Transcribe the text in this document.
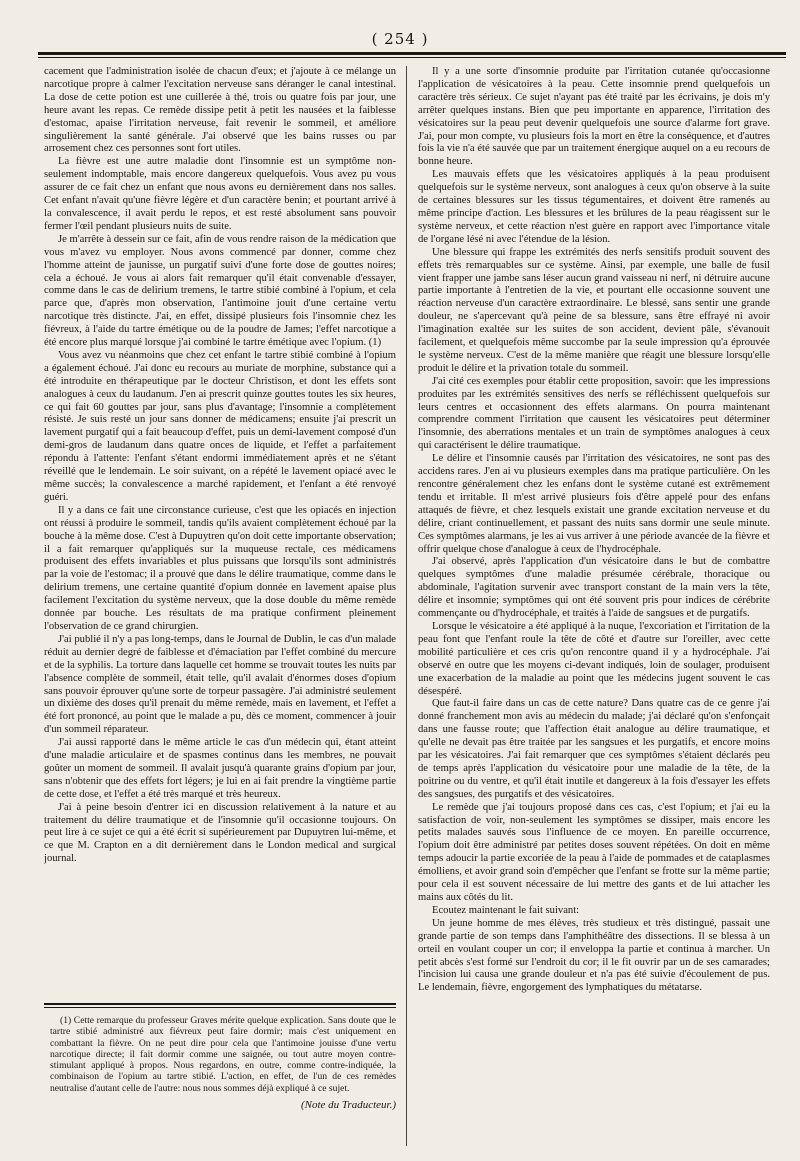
( 254 )

cacement que l'administration isolée de chacun d'eux; et j'ajoute à ce mélange un narcotique propre à calmer l'excitation nerveuse sans déranger le canal intestinal. La dose de cette potion est une cuillerée à thé, trois ou quatre fois par jour, une heure avant les repas. Ce remède dissipe petit à petit les nausées et la faiblesse d'estomac, apaise l'irritation nerveuse, fait revenir le sommeil, et améliore singulièrement la santé générale. J'ai observé que les bains russes ou par arrosement chez ces personnes sont fort utiles.

La fièvre est une autre maladie dont l'insomnie est un symptôme non-seulement indomptable, mais encore dangereux quelquefois. Vous avez pu vous assurer de ce fait chez un enfant que nous avons eu dernièrement dans nos salles. Cet enfant n'avait qu'une fièvre légère et d'un caractère benin; et pourtant arrivé à la convalescence, il avait perdu le repos, et est resté absolument sans pouvoir fermer l'œil pendant plusieurs nuits de suite.

Je m'arrête à dessein sur ce fait, afin de vous rendre raison de la médication que vous m'avez vu employer. Nous avons commencé par donner, comme chez l'homme atteint de jaunisse, un purgatif suivi d'une forte dose de gouttes noires; cela a échoué. Je vous ai alors fait remarquer qu'il était convenable d'essayer, comme dans le cas de delirium tremens, le tartre stibié combiné à l'opium, et cela parce que, d'après mon observation, l'antimoine jouit d'une certaine vertu narcotique très distincte. J'ai, en effet, dissipé plusieurs fois l'insomnie chez les fiévreux, à l'aide du tartre émétique ou de la poudre de James; l'effet narcotique a été encore plus marqué lorsque j'ai combiné le tartre émétique avec l'opium. (1)

Vous avez vu néanmoins que chez cet enfant le tartre stibié combiné à l'opium a également échoué. J'ai donc eu recours au muriate de morphine, substance qui a été introduite en thérapeutique par le docteur Christison, et dont les effets sont analogues à ceux du laudanum. J'en ai prescrit quinze gouttes toutes les six heures, ce qui fait 60 gouttes par jour, sans plus d'avantage; l'insomnie a complètement résisté. Je suis resté un jour sans donner de médicamens; ensuite j'ai prescrit un lavement purgatif qui a fait beaucoup d'effet, puis un demi-lavement composé d'un demi-gros de laudanum dans quatre onces de liquide, et l'effet a parfaitement répondu à l'attente: l'enfant s'étant endormi immédiatement après et ne s'étant réveillé que le lendemain. Le soir suivant, on a répété le lavement opiacé avec le même succès; la convalescence a marché rapidement, et l'enfant a été renvoyé guéri.

Il y a dans ce fait une circonstance curieuse, c'est que les opiacés en injection ont réussi à produire le sommeil, tandis qu'ils avaient complètement échoué par la bouche à la même dose. C'est à Dupuytren qu'on doit cette importante observation; il a fait remarquer qu'appliqués sur la muqueuse rectale, ces médicamens produisent des effets invariables et plus puissans que lorsqu'ils sont administrés par la voie de l'estomac; il a prouvé que dans le délire traumatique, comme dans le delirium tremens, une certaine quantité d'opium donnée en lavement apaise plus facilement l'excitation du système nerveux, que la dose double du même remède donnée par bouche. Les résultats de ma pratique confirment pleinement l'observation de ce grand chirurgien.

J'ai publié il n'y a pas long-temps, dans le Journal de Dublin, le cas d'un malade réduit au dernier degré de faiblesse et d'émaciation par l'effet combiné du mercure et de la syphilis. La torture dans laquelle cet homme se trouvait toutes les nuits par l'absence complète de sommeil, était telle, qu'il avalait d'énormes doses d'opium sans pouvoir éprouver qu'une sorte de torpeur passagère. J'ai administré seulement un dixième des doses qu'il prenait du même remède, mais en lavement, et l'effet a été fort prononcé, au point que le malade a pu, dès ce moment, commencer à jouir d'un sommeil réparateur.

J'ai aussi rapporté dans le même article le cas d'un médecin qui, étant atteint d'une maladie articulaire et de spasmes continus dans les membres, ne pouvait goûter un moment de sommeil. Il avalait jusqu'à quarante grains d'opium par jour, sans n'obtenir que des effets fort légers; je lui en ai fait prendre la vingtième partie de cette dose, et l'effet a été très marqué et très heureux.

J'ai à peine besoin d'entrer ici en discussion relativement à la nature et au traitement du délire traumatique et de l'insomnie qu'il occasionne toujours. On peut lire à ce sujet ce qui a été écrit si supérieurement par Dupuytren lui-même, et ce que M. Crapton en a dit dernièrement dans le London medical and surgical journal.

Il y a une sorte d'insomnie produite par l'irritation cutanée qu'occasionne l'application de vésicatoires à la peau. Cette insomnie prend quelquefois un caractère très sérieux. Ce sujet n'ayant pas été traité par les écrivains, je dois m'y arrêter quelques instans. Bien que peu importante en apparence, l'irritation des vésicatoires sur la peau peut devenir quelquefois une source d'alarme fort grave. J'ai, pour mon compte, vu plusieurs fois la mort en être la conséquence, et d'autres fois la vie n'a été sauvée que par un traitement énergique auquel on a eu recours de bonne heure.

Les mauvais effets que les vésicatoires appliqués à la peau produisent quelquefois sur le système nerveux, sont analogues à ceux qu'on observe à la suite de certaines blessures sur les tissus tégumentaires, et doivent être ramenés au même principe d'action. Les blessures et les brûlures de la peau réagissent sur le système nerveux, et cette réaction n'est guère en rapport avec l'importance vitale de l'organe lésé ni avec l'étendue de la lésion.

Une blessure qui frappe les extrémités des nerfs sensitifs produit souvent des effets très remarquables sur ce système. Ainsi, par exemple, une balle de fusil vient frapper une jambe sans léser aucun grand vaisseau ni nerf, ni détruire aucune partie importante à l'entretien de la vie, et pourtant elle occasionne souvent une réaction nerveuse d'un caractère extraordinaire. Le blessé, sans sentir une grande douleur, ne s'apercevant qu'à peine de sa blessure, sans être effrayé ni avoir l'imagination exaltée sur les suites de son accident, devient pâle, s'évanouit facilement, et quelquefois même succombe par la seule impression qu'a éprouvée le système nerveux. C'est de la même manière que réagit une blessure lorsqu'elle produit le délire et la privation totale du sommeil.

J'ai cité ces exemples pour établir cette proposition, savoir: que les impressions produites par les extrémités sensitives des nerfs se réfléchissent quelquefois sur leurs centres et occasionnent des effets alarmans. On pourra maintenant comprendre comment l'irritation que causent les vésicatoires peut déterminer l'insomnie, des aberrations mentales et un train de symptômes analogues à ceux qui caractérisent le délire traumatique.

Le délire et l'insomnie causés par l'irritation des vésicatoires, ne sont pas des accidens rares. J'en ai vu plusieurs exemples dans ma pratique particulière. On les rencontre généralement chez les enfans dont le système cutané est extrêmement tendu et irritable. Il m'est arrivé plusieurs fois d'être appelé pour des enfans attaqués de fièvre, et chez lesquels existait une grande excitation nerveuse et du délire, criant continuellement, et passant des nuits sans dormir une seule minute. Ces symptômes alarmans, je les ai vus arriver à une période avancée de la fièvre et offrir quelque chose d'analogue à ceux de l'hydrocéphale.

J'ai observé, après l'application d'un vésicatoire dans le but de combattre quelques symptômes d'une maladie présumée cérébrale, thoracique ou abdominale, l'agitation survenir avec transport constant de la main vers la tête, délire et insomnie; symptômes qui ont été souvent pris pour indices de cérébrite commençante ou d'hydrocéphale, et traités à l'aide de sangsues et de purgatifs.

Lorsque le vésicatoire a été appliqué à la nuque, l'excoriation et l'irritation de la peau font que l'enfant roule la tête de côté et d'autre sur l'oreiller, avec cette mobilité particulière et ces cris qu'on rencontre quand il y a hydrocéphale. J'ai observé en outre que les moyens ci-devant indiqués, loin de soulager, produisent une exacerbation de la maladie au point que les médecins jugent souvent le cas désespéré.

Que faut-il faire dans un cas de cette nature? Dans quatre cas de ce genre j'ai donné franchement mon avis au médecin du malade; j'ai déclaré qu'on s'enfonçait dans une fausse route; que l'affection était analogue au délire traumatique, et qu'elle ne devait pas être traitée par les sangsues et les purgatifs, et encore moins par les vésicatoires. J'ai fait remarquer que ces symptômes s'étaient déclarés peu de temps après l'application du vésicatoire pour une maladie de la tête, de la poitrine ou du ventre, et qu'il était inutile et dangereux à la fois d'essayer les effets des sangsues, des purgatifs et des vésicatoires.

Le remède que j'ai toujours proposé dans ces cas, c'est l'opium; et j'ai eu la satisfaction de voir, non-seulement les symptômes se dissiper, mais encore les petits malades sauvés sous l'influence de ce moyen. En pareille occurrence, l'opium doit être administré par petites doses souvent répétées. On doit en même temps adoucir la partie excoriée de la peau à l'aide de pommades et de cataplasmes émolliens, et avoir grand soin d'empêcher que l'enfant se frotte sur la même partie; pour cela il est souvent nécessaire de lui mettre des gants et de lui attacher les mains aux côtés du lit.

Ecoutez maintenant le fait suivant:

Un jeune homme de mes élèves, très studieux et très distingué, passait une grande partie de son temps dans l'amphithéâtre des dissections. Il se blessa à un orteil en voulant couper un cor; il enveloppa la partie et continua à marcher. Un petit abcès s'est formé sur l'endroit du cor; il le fit ouvrir par un de ses camarades; l'incision lui causa une grande douleur et n'a pas été suivie d'écoulement de pus. Le lendemain, fièvre, engorgement des lymphatiques du métatarse.

(1) Cette remarque du professeur Graves mérite quelque explication. Sans doute que le tartre stibié administré aux fiévreux peut faire dormir; mais c'est uniquement en combattant la fièvre. On ne peut dire pour cela que l'antimoine jouisse d'une vertu narcotique directe; il fait dormir comme une saignée, ou tout autre moyen contre-stimulant appliqué à propos. Nous regardons, en outre, comme contre-indiquée, la combinaison de l'opium au tartre stibié. L'action, en effet, de l'un de ces remèdes neutralise d'autant celle de l'autre: nous nous sommes déjà expliqué à ce sujet.

(Note du Traducteur.)
